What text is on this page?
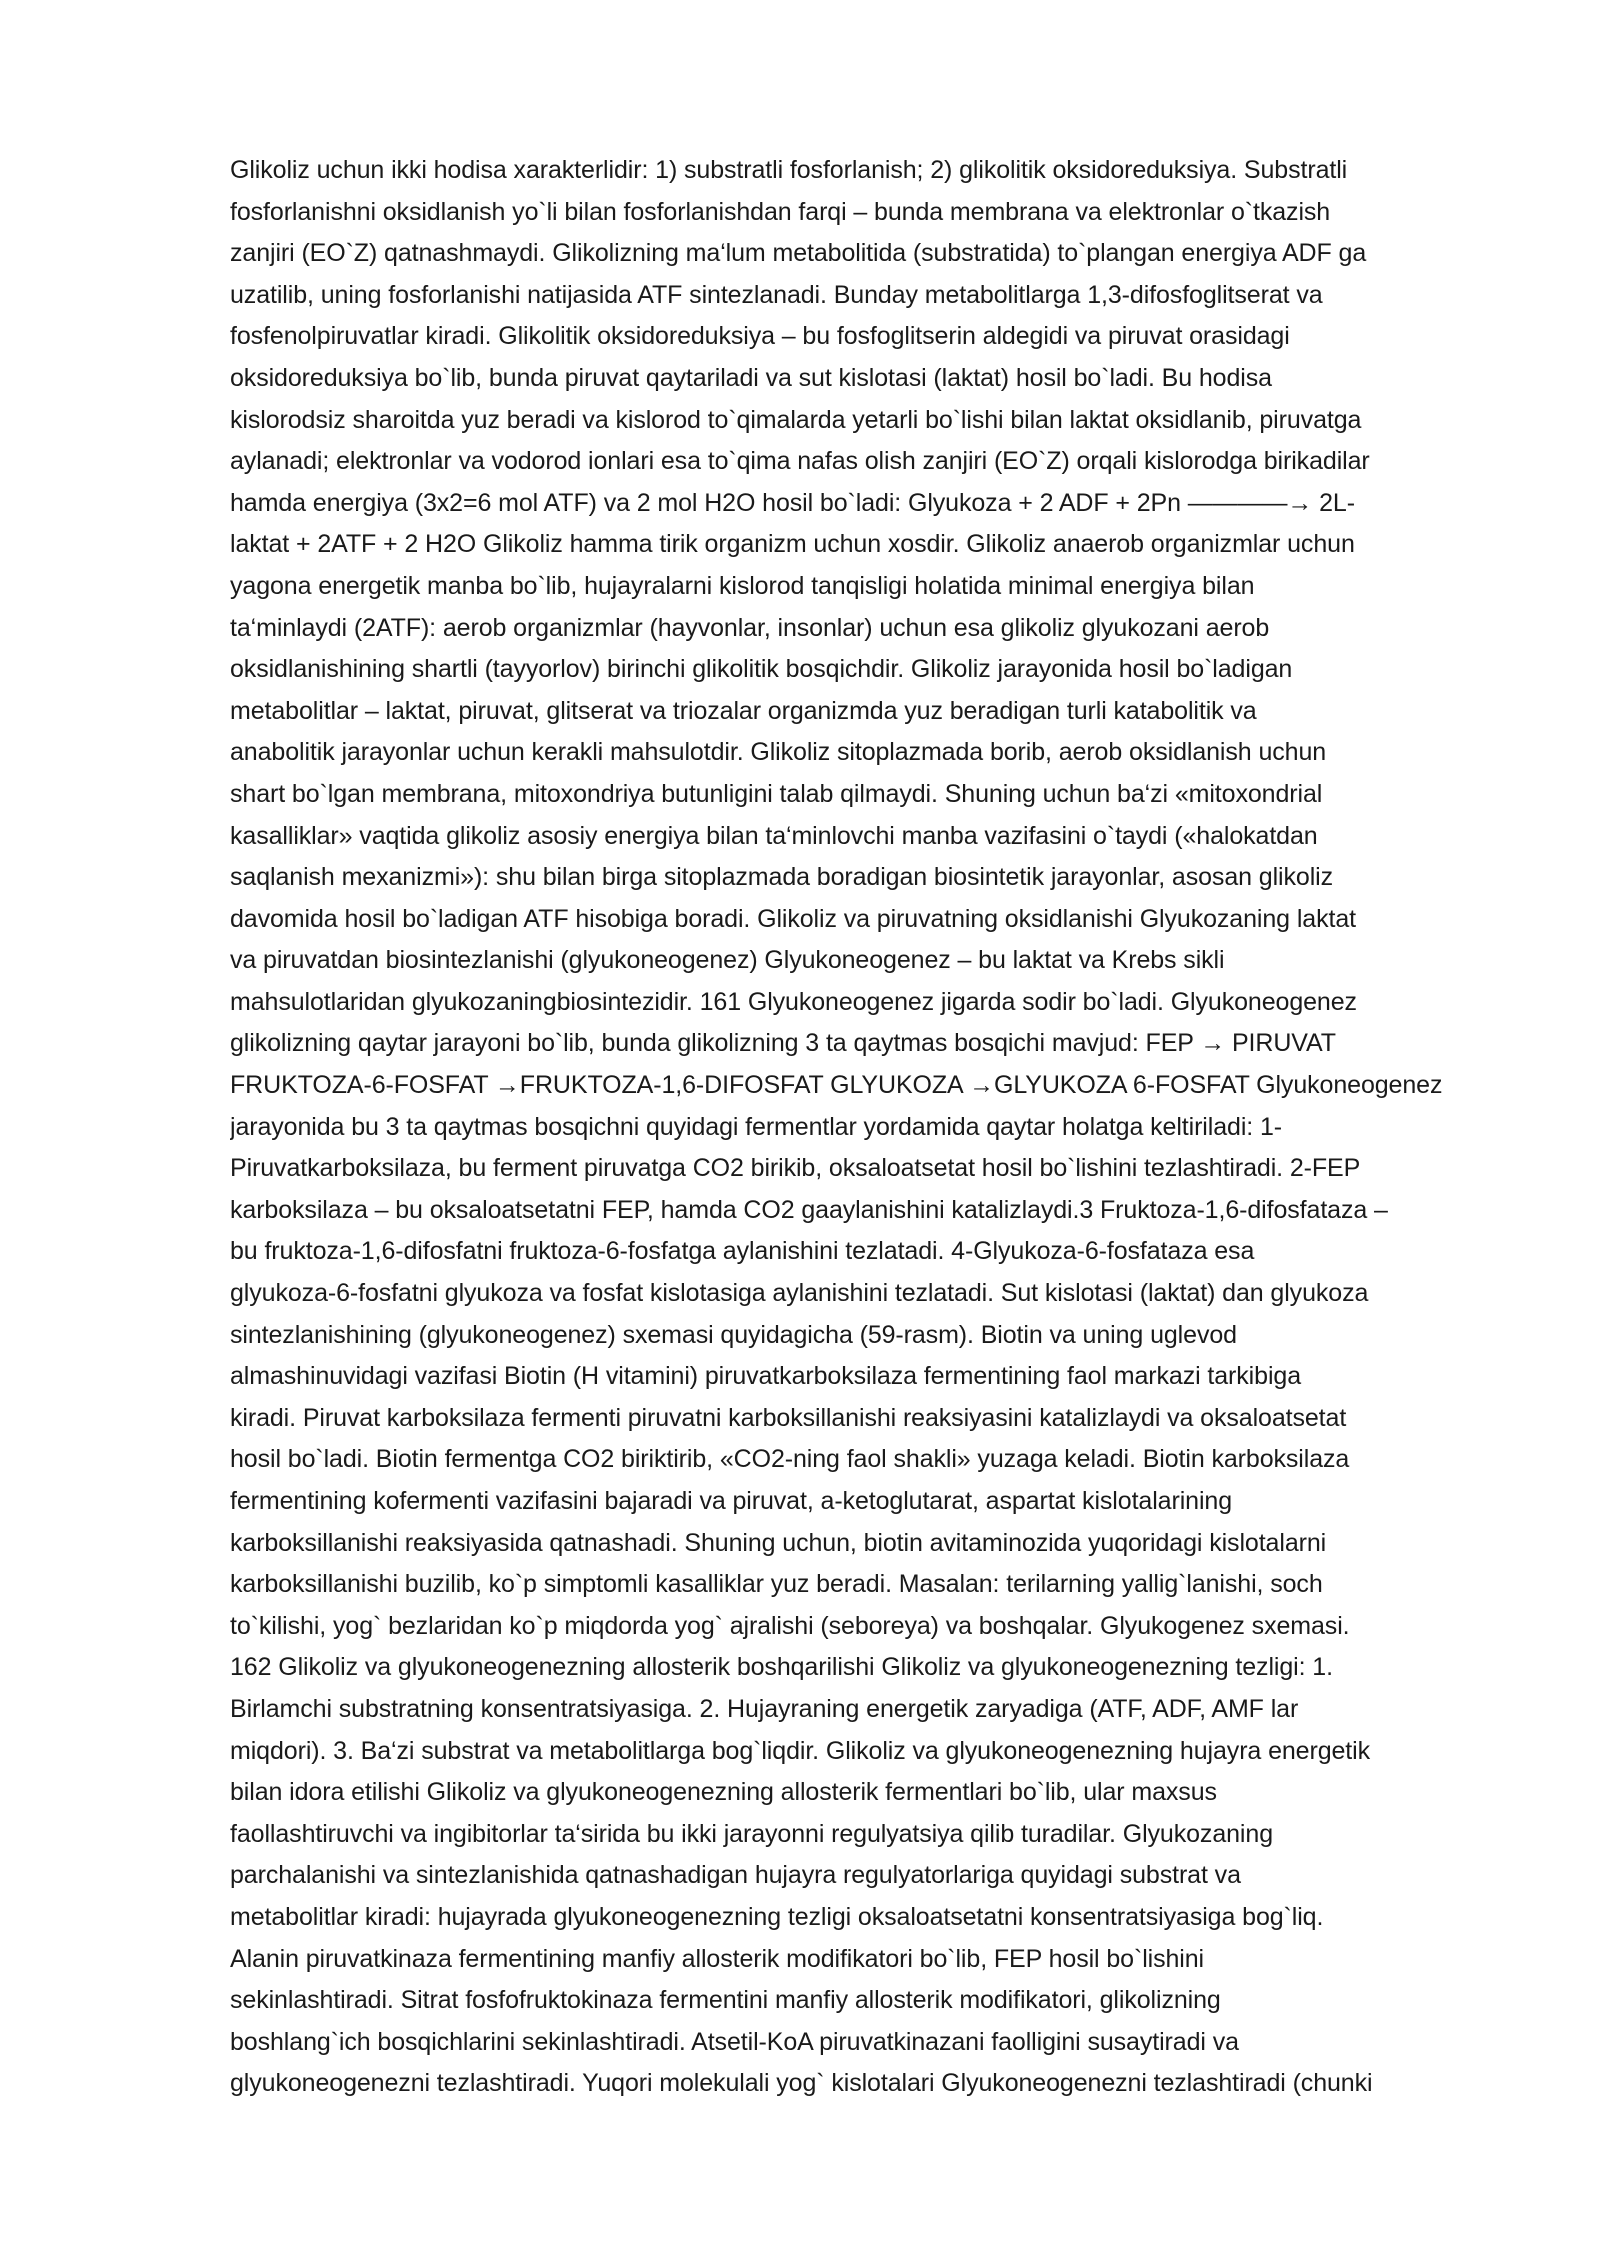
Glikoliz uchun ikki hodisa xarakterlidir: 1) substratli fosforlanish; 2) glikolitik oksidoreduksiya. Substratli
fosforlanishni oksidlanish yo`li bilan fosforlanishdan farqi – bunda membrana va elektronlar o`tkazish
zanjiri (EO`Z) qatnashmaydi. Glikolizning ma‘lum metabolitida (substratida) to`plangan energiya ADF ga
uzatilib, uning fosforlanishi natijasida ATF sintezlanadi. Bunday metabolitlarga 1,3-difosfoglitserat va
fosfenolpiruvatlar kiradi. Glikolitik oksidoreduksiya – bu fosfoglitserin aldegidi va piruvat orasidagi
oksidoreduksiya bo`lib, bunda piruvat qaytariladi va sut kislotasi (laktat) hosil bo`ladi. Bu hodisa
kislorodsiz sharoitda yuz beradi va kislorod to`qimalarda yetarli bo`lishi bilan laktat oksidlanib, piruvatga
aylanadi; elektronlar va vodorod ionlari esa to`qima nafas olish zanjiri (EO`Z) orqali kislorodga birikadilar
hamda energiya (3x2=6 mol ATF) va 2 mol H2O hosil bo`ladi: Glyukoza + 2 ADF + 2Pn ————→ 2L-
laktat + 2ATF + 2 H2O Glikoliz hamma tirik organizm uchun xosdir. Glikoliz anaerob organizmlar uchun
yagona energetik manba bo`lib, hujayralarni kislorod tanqisligi holatida minimal energiya bilan
ta‘minlaydi (2ATF): aerob organizmlar (hayvonlar, insonlar) uchun esa glikoliz glyukozani aerob
oksidlanishining shartli (tayyorlov) birinchi glikolitik bosqichdir. Glikoliz jarayonida hosil bo`ladigan
metabolitlar – laktat, piruvat, glitserat va triozalar organizmda yuz beradigan turli katabolitik va
anabolitik jarayonlar uchun kerakli mahsulotdir. Glikoliz sitoplazmada borib, aerob oksidlanish uchun
shart bo`lgan membrana, mitoxondriya butunligini talab qilmaydi. Shuning uchun ba‘zi «mitoxondrial
kasalliklar» vaqtida glikoliz asosiy energiya bilan ta‘minlovchi manba vazifasini o`taydi («halokatdan
saqlanish mexanizmi»): shu bilan birga sitoplazmada boradigan biosintetik jarayonlar, asosan glikoliz
davomida hosil bo`ladigan ATF hisobiga boradi. Glikoliz va piruvatning oksidlanishi Glyukozaning laktat
va piruvatdan biosintezlanishi (glyukoneogenez) Glyukoneogenez – bu laktat va Krebs sikli
mahsulotlaridan glyukozaningbiosintezidir. 161 Glyukoneogenez jigarda sodir bo`ladi. Glyukoneogenez
glikolizning qaytar jarayoni bo`lib, bunda glikolizning 3 ta qaytmas bosqichi mavjud: FEP → PIRUVAT
FRUKTOZA-6-FOSFAT →FRUKTOZA-1,6-DIFOSFAT GLYUKOZA →GLYUKOZA 6-FOSFAT Glyukoneogenez
jarayonida bu 3 ta qaytmas bosqichni quyidagi fermentlar yordamida qaytar holatga keltiriladi: 1-
Piruvatkarboksilaza, bu ferment piruvatga CO2 birikib, oksaloatsetat hosil bo`lishini tezlashtiradi. 2-FEP
karboksilaza – bu oksaloatsetatni FEP, hamda CO2 gaaylanishini katalizlaydi.3 Fruktoza-1,6-difosfataza –
bu fruktoza-1,6-difosfatni fruktoza-6-fosfatga aylanishini tezlatadi. 4-Glyukoza-6-fosfataza esa
glyukoza-6-fosfatni glyukoza va fosfat kislotasiga aylanishini tezlatadi. Sut kislotasi (laktat) dan glyukoza
sintezlanishining (glyukoneogenez) sxemasi quyidagicha (59-rasm). Biotin va uning uglevod
almashinuvidagi vazifasi Biotin (H vitamini) piruvatkarboksilaza fermentining faol markazi tarkibiga
kiradi. Piruvat karboksilaza fermenti piruvatni karboksillanishi reaksiyasini katalizlaydi va oksaloatsetat
hosil bo`ladi. Biotin fermentga CO2 biriktirib, «CO2-ning faol shakli» yuzaga keladi. Biotin karboksilaza
fermentining kofermenti vazifasini bajaradi va piruvat, a-ketoglutarat, aspartat kislotalarining
karboksillanishi reaksiyasida qatnashadi. Shuning uchun, biotin avitaminozida yuqoridagi kislotalarni
karboksillanishi buzilib, ko`p simptomli kasalliklar yuz beradi. Masalan: terilarning yallig`lanishi, soch
to`kilishi, yog` bezlaridan ko`p miqdorda yog` ajralishi (seboreya) va boshqalar. Glyukogenez sxemasi.
162 Glikoliz va glyukoneogenezning allosterik boshqarilishi Glikoliz va glyukoneogenezning tezligi: 1.
Birlamchi substratning konsentratsiyasiga. 2. Hujayraning energetik zaryadiga (ATF, ADF, AMF lar
miqdori). 3. Ba‘zi substrat va metabolitlarga bog`liqdir. Glikoliz va glyukoneogenezning hujayra energetik
bilan idora etilishi Glikoliz va glyukoneogenezning allosterik fermentlari bo`lib, ular maxsus
faollashtiruvchi va ingibitorlar ta‘sirida bu ikki jarayonni regulyatsiya qilib turadilar. Glyukozaning
parchalanishi va sintezlanishida qatnashadigan hujayra regulyatorlariga quyidagi substrat va
metabolitlar kiradi: hujayrada glyukoneogenezning tezligi oksaloatsetatni konsentratsiyasiga bog`liq.
Alanin piruvatkinaza fermentining manfiy allosterik modifikatori bo`lib, FEP hosil bo`lishini
sekinlashtiradi. Sitrat fosfofruktokinaza fermentini manfiy allosterik modifikatori, glikolizning
boshlang`ich bosqichlarini sekinlashtiradi. Atsetil-KoA piruvatkinazani faolligini susaytiradi va
glyukoneogenezni tezlashtiradi. Yuqori molekulali yog` kislotalari Glyukoneogenezni tezlashtiradi (chunki
